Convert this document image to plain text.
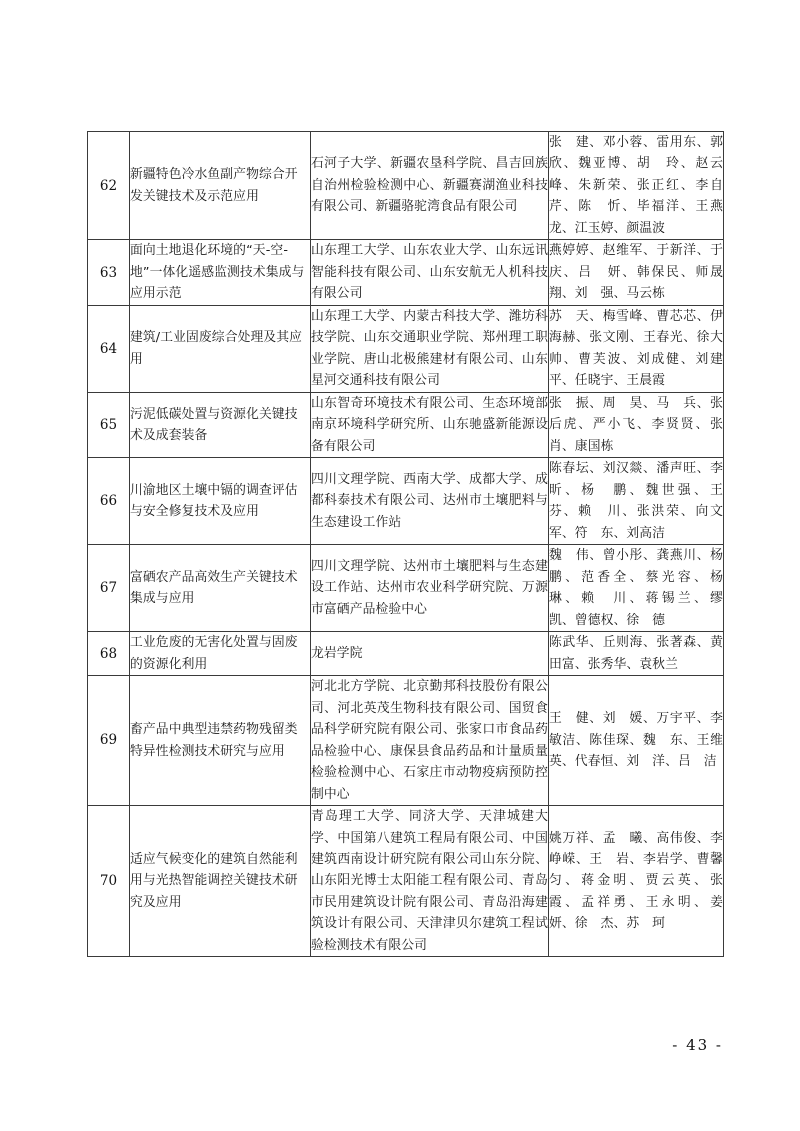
62	新疆特色冷水鱼副产物综合开发关键技术及示范应用	石河子大学、新疆农垦科学院、昌吉回族自治州检验检测中心、新疆赛湖渔业科技有限公司、新疆骆驼湾食品有限公司	张　建、邓小蓉、雷用东、郭　欣、魏亚博、胡　玲、赵云峰、朱新荣、张正红、李自芹、陈　忻、毕福洋、王燕龙、江玉婷、颜温波
63	面向土地退化环境的“天-空-地”一体化遥感监测技术集成与应用示范	山东理工大学、山东农业大学、山东远讯智能科技有限公司、山东安航无人机科技有限公司	燕婷婷、赵维军、于新洋、于　庆、吕　妍、韩保民、师晟翔、刘　强、马云栋
64	建筑/工业固废综合处理及其应用	山东理工大学、内蒙古科技大学、潍坊科技学院、山东交通职业学院、郑州理工职业学院、唐山北极熊建材有限公司、山东星河交通科技有限公司	苏　天、梅雪峰、曹芯芯、伊海赫、张文刚、王春光、徐大帅、曹芙波、刘成健、刘建平、任晓宇、王晨霞
65	污泥低碳处置与资源化关键技术及成套装备	山东智奇环境技术有限公司、生态环境部南京环境科学研究所、山东驰盛新能源设备有限公司	张　振、周　昊、马　兵、张后虎、严小飞、李贤贤、张　肖、康国栋
66	川渝地区土壤中镉的调查评估与安全修复技术及应用	四川文理学院、西南大学、成都大学、成都科泰技术有限公司、达州市土壤肥料与生态建设工作站	陈春坛、刘汉燚、潘声旺、李　昕、杨　鹏、魏世强、王　芬、赖　川、张洪荣、向文军、符　东、刘高洁
67	富硒农产品高效生产关键技术集成与应用	四川文理学院、达州市土壤肥料与生态建设工作站、达州市农业科学研究院、万源市富硒产品检验中心	魏　伟、曾小彤、龚燕川、杨　鹏、范香全、蔡光容、杨　琳、赖　川、蒋锡兰、缪　凯、曾德权、徐　德
68	工业危废的无害化处置与固废的资源化利用	龙岩学院	陈武华、丘则海、张著森、黄田富、张秀华、袁秋兰
69	畜产品中典型违禁药物残留类特异性检测技术研究与应用	河北北方学院、北京勤邦科技股份有限公司、河北英茂生物科技有限公司、国贸食品科学研究院有限公司、张家口市食品药品检验中心、康保县食品药品和计量质量检验检测中心、石家庄市动物疫病预防控制中心	王　健、刘　媛、万宇平、李敏洁、陈佳琛、魏　东、王维英、代春恒、刘　洋、吕　洁
70	适应气候变化的建筑自然能利用与光热智能调控关键技术研究及应用	青岛理工大学、同济大学、天津城建大学、中国第八建筑工程局有限公司、中国建筑西南设计研究院有限公司山东分院、山东阳光博士太阳能工程有限公司、青岛市民用建筑设计院有限公司、青岛沿海建筑设计有限公司、天津津贝尔建筑工程试验检测技术有限公司	姚万祥、孟　曦、高伟俊、李峥嵘、王　岩、李岩学、曹馨匀、蒋金明、贾云英、张　霞、孟祥勇、王永明、姜　妍、徐　杰、苏　珂
- 43 -
